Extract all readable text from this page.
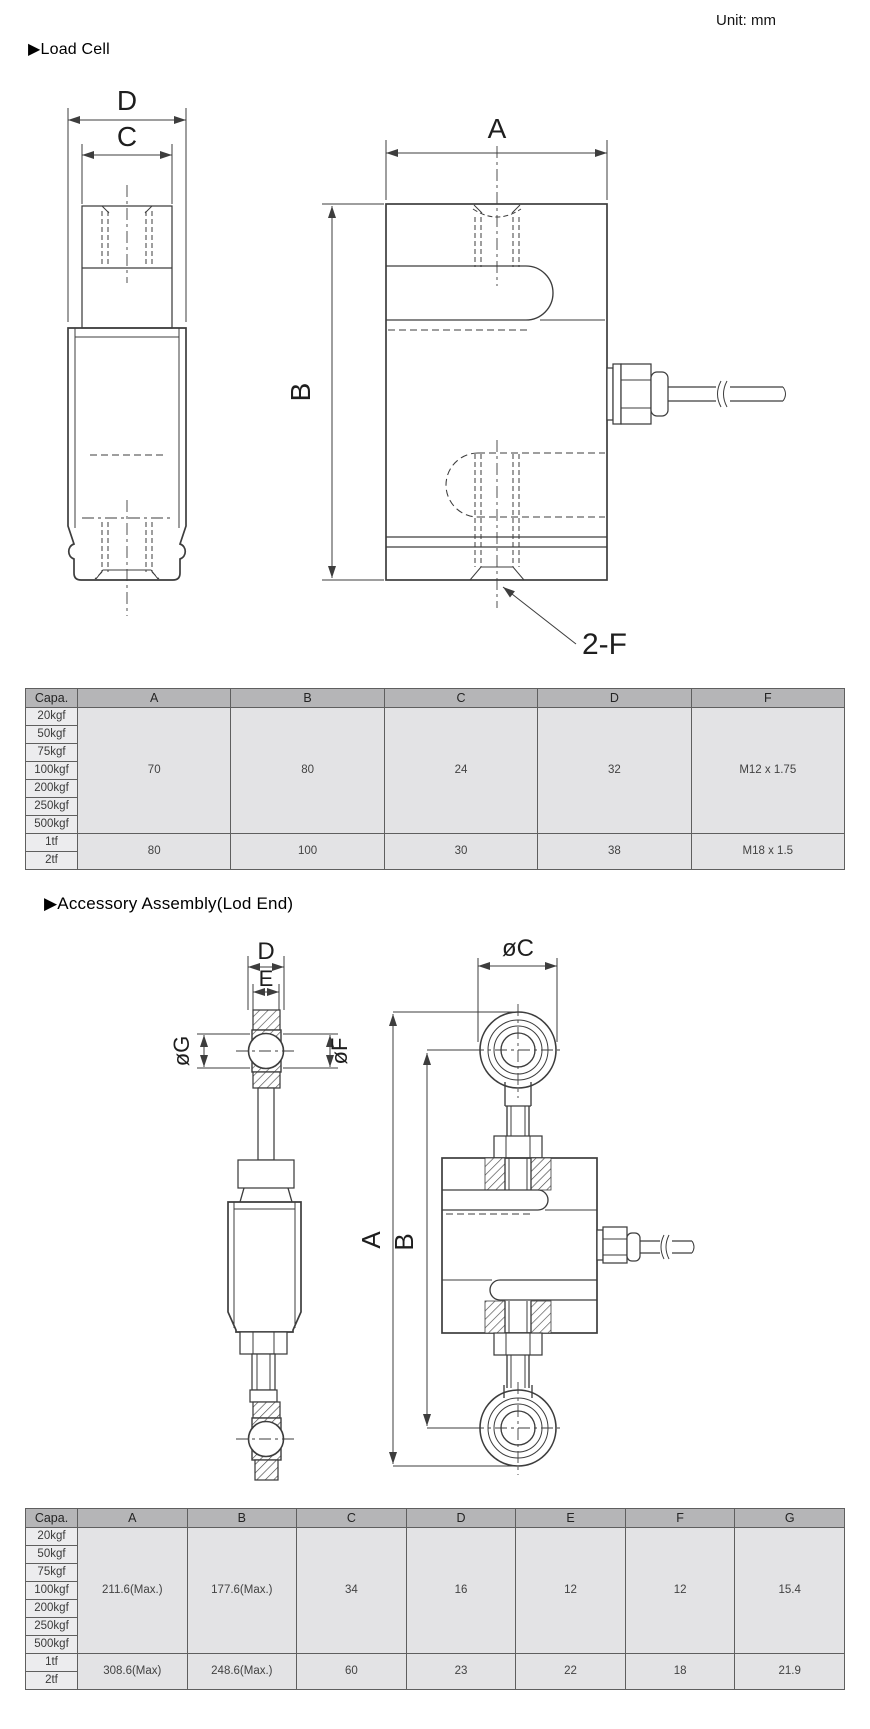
Unit: mm
▶Load Cell
D
C	A
B
2-F
Capa.	A	B	C	D	F
20kgf	70	80	24	32	M12 x 1.75
50kgf					
75kgf					
100kgf					
200kgf					
250kgf					
500kgf					
1tf	80	100	30	38	M18 x 1.5
2tf					
▶Accessory Assembly(Lod End)
D
E
øG	øF
øC
A B
Capa.	A	B	C	D	E	F	G
20kgf	211.6(Max.)	177.6(Max.)	34	16	12	12	15.4
50kgf							
75kgf							
100kgf							
200kgf							
250kgf							
500kgf							
1tf	308.6(Max)	248.6(Max.)	60	23	22	18	21.9
2tf							
